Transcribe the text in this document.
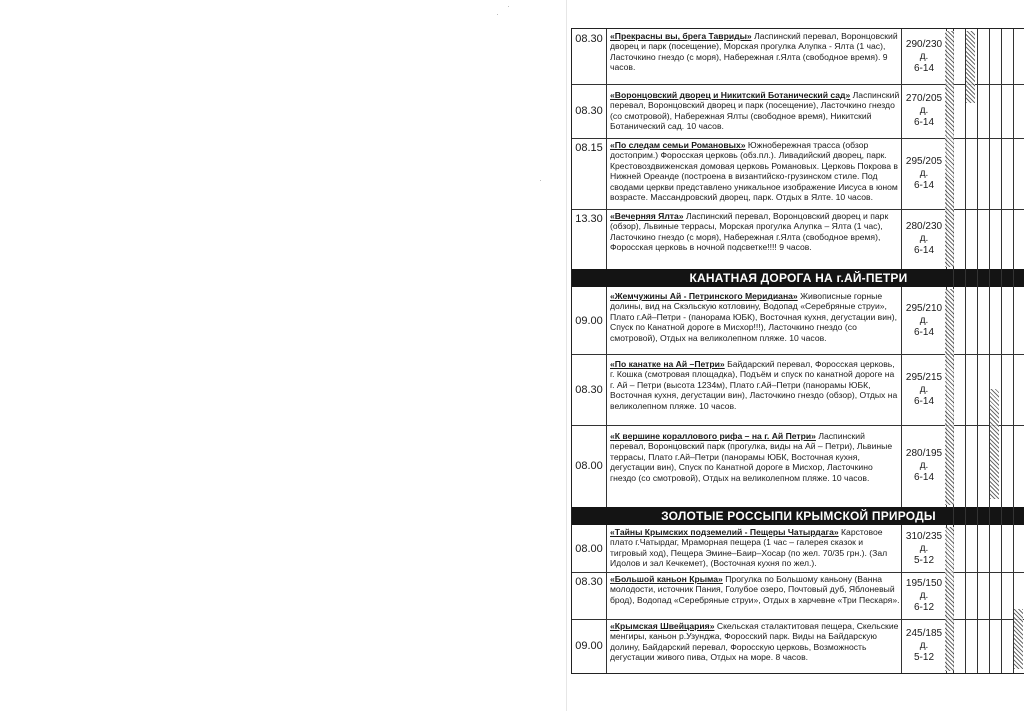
08.30 «Прекрасны вы, брега Тавриды» Ласпинский перевал, Воронцовский дворец и парк (посещение), Морская прогулка Алупка - Ялта (1 час), Ласточкино гнездо (с моря), Набережная г.Ялта (свободное время). 9 часов.
290/230
д.
6-14
08.30
«Воронцовский дворец и Никитский Ботанический сад» Ласпинский перевал, Воронцовский дворец и парк (посещение), Ласточкино гнездо (со смотровой), Набережная Ялты (свободное время), Никитский Ботанический сад. 10 часов.
270/205
д.
6-14
08.15 «По следам семьи Романовых» Южнобережная трасса (обзор достоприм.) Форосская церковь (обз.пл.). Ливадийский дворец, парк. Крестовоздвиженская домовая церковь Романовых. Церковь Покрова в Нижней Ореанде (построена в византийско-грузинском стиле. Под сводами церкви представлено уникальное изображение Иисуса в юном возрасте. Массандровский дворец, парк. Отдых в Ялте. 10 часов.
295/205
д.
6-14
13.30 «Вечерняя Ялта» Ласпинский перевал, Воронцовский дворец и парк (обзор), Львиные террасы, Морская прогулка Алупка – Ялта (1 час), Ласточкино гнездо (с моря), Набережная г.Ялта (свободное время), Форосская церковь в ночной подсветке!!!! 9 часов.
280/230
д.
6-14
КАНАТНАЯ ДОРОГА НА г.АЙ-ПЕТРИ
09.00
«Жемчужины Ай - Петринского Меридиана» Живописные горные долины, вид на Скэльскую котловину, Водопад «Серебряные струи», Плато г.Ай–Петри - (панорама ЮБК), Восточная кухня, дегустации вин), Спуск по Канатной дороге в Мисхор!!!), Ласточкино гнездо (со смотровой), Отдых на великолепном пляже. 10 часов.
295/210
д.
6-14
08.30
«По канатке на Ай –Петри» Байдарский перевал, Форосская церковь, г. Кошка (смотровая площадка), Подъём и спуск по канатной дороге на г. Ай – Петри (высота 1234м), Плато г.Ай–Петри (панорамы ЮБК, Восточная кухня, дегустации вин), Ласточкино гнездо (обзор), Отдых на великолепном пляже. 10 часов.
295/215
д.
6-14
08.00
«К вершине кораллового рифа – на г. Ай Петри» Ласпинский перевал, Воронцовский парк (прогулка, виды на Ай – Петри), Львиные террасы, Плато г.Ай–Петри (панорамы ЮБК, Восточная кухня, дегустации вин), Спуск по Канатной дороге в Мисхор, Ласточкино гнездо (со смотровой), Отдых на великолепном пляже. 10 часов.
280/195
д.
6-14
ЗОЛОТЫЕ РОССЫПИ КРЫМСКОЙ ПРИРОДЫ
08.00
«Тайны Крымских подземелий - Пещеры Чатырдага» Карстовое плато г.Чатырдаг, Мраморная пещера (1 час – галерея сказок и тигровый ход), Пещера Эмине–Баир–Хосар (по жел. 70/35 грн.). (Зал Идолов и зал Кечкемет), (Восточная кухня по жел.).
310/235
д.
5-12
08.30 «Большой каньон Крыма» Прогулка по Большому каньону (Ванна молодости, источник Пания, Голубое озеро, Почтовый дуб, Яблоневый брод), Водопад «Серебряные струи», Отдых в харчевне «Три Пескаря».
195/150
д.
6-12
09.00
«Крымская Швейцария» Скельская сталактитовая пещера, Скельские менгиры, каньон р.Узунджа, Форосский парк. Виды на Байдарскую долину, Байдарский перевал, Форосскую церковь, Возможность дегустации живого пива, Отдых на море. 8 часов.
245/185
д.
5-12
